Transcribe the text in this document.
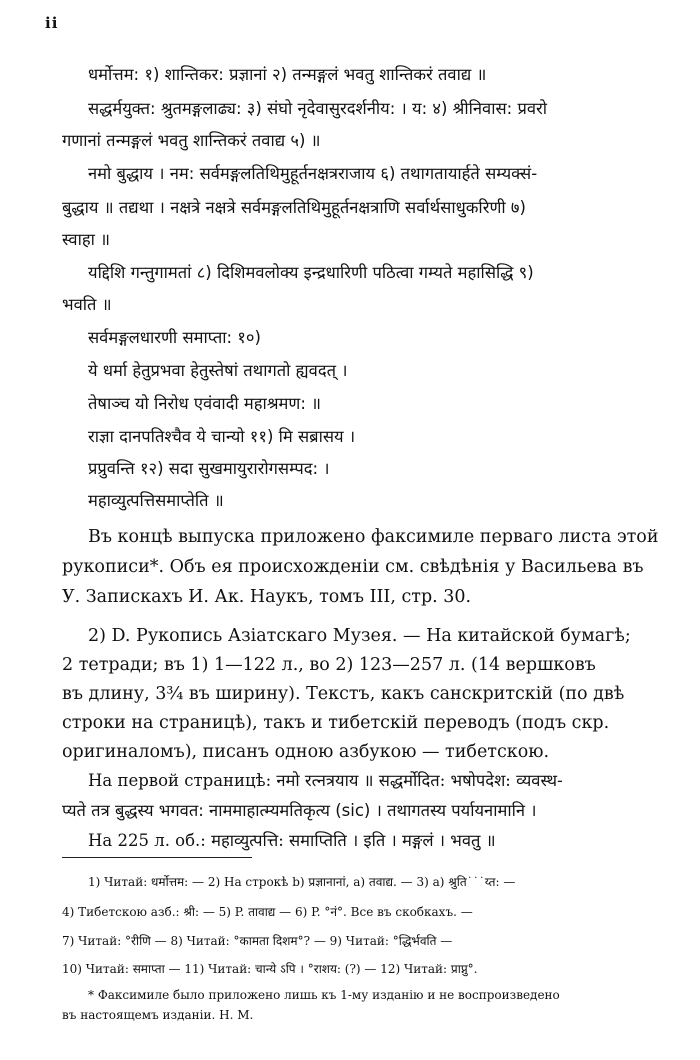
ii
धर्मोत्तम: १) शान्तिकर: प्रज्ञानां २) तन्मङ्गलं भवतु शान्तिकरं तवाद्य ॥
सद्धर्मयुक्त: श्रुतमङ्गलाढ्य: ३) संघो नृदेवासुरदर्शनीय: । य: ४) श्रीनिवास: प्रवरो
गणानां तन्मङ्गलं भवतु शान्तिकरं तवाद्य ५) ॥
नमो बुद्धाय । नम: सर्वमङ्गलतिथिमुहूर्तनक्षत्रराजाय ६) तथागतायार्हते सम्यक्सं-
बुद्धाय ॥ तद्यथा । नक्षत्रे नक्षत्रे सर्वमङ्गलतिथिमुहूर्तनक्षत्राणि सर्वार्थसाधुकरिणी ७)
स्वाहा ॥
यद्दिशि गन्तुगामतां ८) दिशिमवलोक्य इन्द्रधारिणी पठित्वा गम्यते महासिद्धि ९)
भवति ॥
सर्वमङ्गलधारणी समाप्ता: १०)
ये धर्मा हेतुप्रभवा हेतुस्तेषां तथागतो ह्यवदत् ।
तेषाञ्च यो निरोध एवंवादी महाश्रमण: ॥
राज्ञा दानपतिश्चैव ये चान्यो ११) मि सब्रासय ।
प्रप्रुवन्ति १२) सदा सुखमायुरारोगसम्पद: ।
महाव्युत्पत्तिसमाप्तेति ॥
Въ концѣ выпуска приложено факсимиле перваго листа этой
рукописи*. Объ ея происхожденіи см. свѣдѣнія у Васильева въ
У. Запискахъ И. Ак. Наукъ, томъ III, стр. 30.
2) D. Рукопись Азіатскаго Музея. — На китайской бумагѣ;
2 тетради; въ 1) 1—122 л., во 2) 123—257 л. (14 вершковъ
въ длину, 3¾ въ ширину). Текстъ, какъ санскритскій (по двѣ
строки на страницѣ), такъ и тибетскій переводъ (подъ скр.
оригиналомъ), писанъ одною азбукою — тибетскою.
На первой страницѣ: नमो रत्नत्रयाय ॥ सद्धर्मोदित: भषोपदेश: व्यवस्थ-
प्यते तत्र बुद्धस्य भगवत: नाममाहात्म्यमतिकृत्य (sic) । तथागतस्य पर्यायनामानि ।
На 225 л. об.: महाव्युत्पत्ति: समाप्तिति । इति । मङ्गलं । भवतु ॥
1) Читай: धर्मोत्तम: — 2) На строкѣ b) प्रज्ञानानां, a) तवाद्य. — 3) a) श्रुति˙˙˙य्त: —
4) Тибетскою азб.: श्री: — 5) P. तावाद्य — 6) P. °नं°. Все въ скобкахъ. —
7) Читай: °रीणि — 8) Читай: °कामता दिशम°? — 9) Читай: °द्धिर्भवति —
10) Читай: समाप्ता — 11) Читай: चान्ये ऽपि । °राशय: (?) — 12) Читай: प्राप्नु°.
* Факсимиле было приложено лишь къ 1-му изданію и не воспроизведено
въ настоящемъ изданіи. Н. М.
